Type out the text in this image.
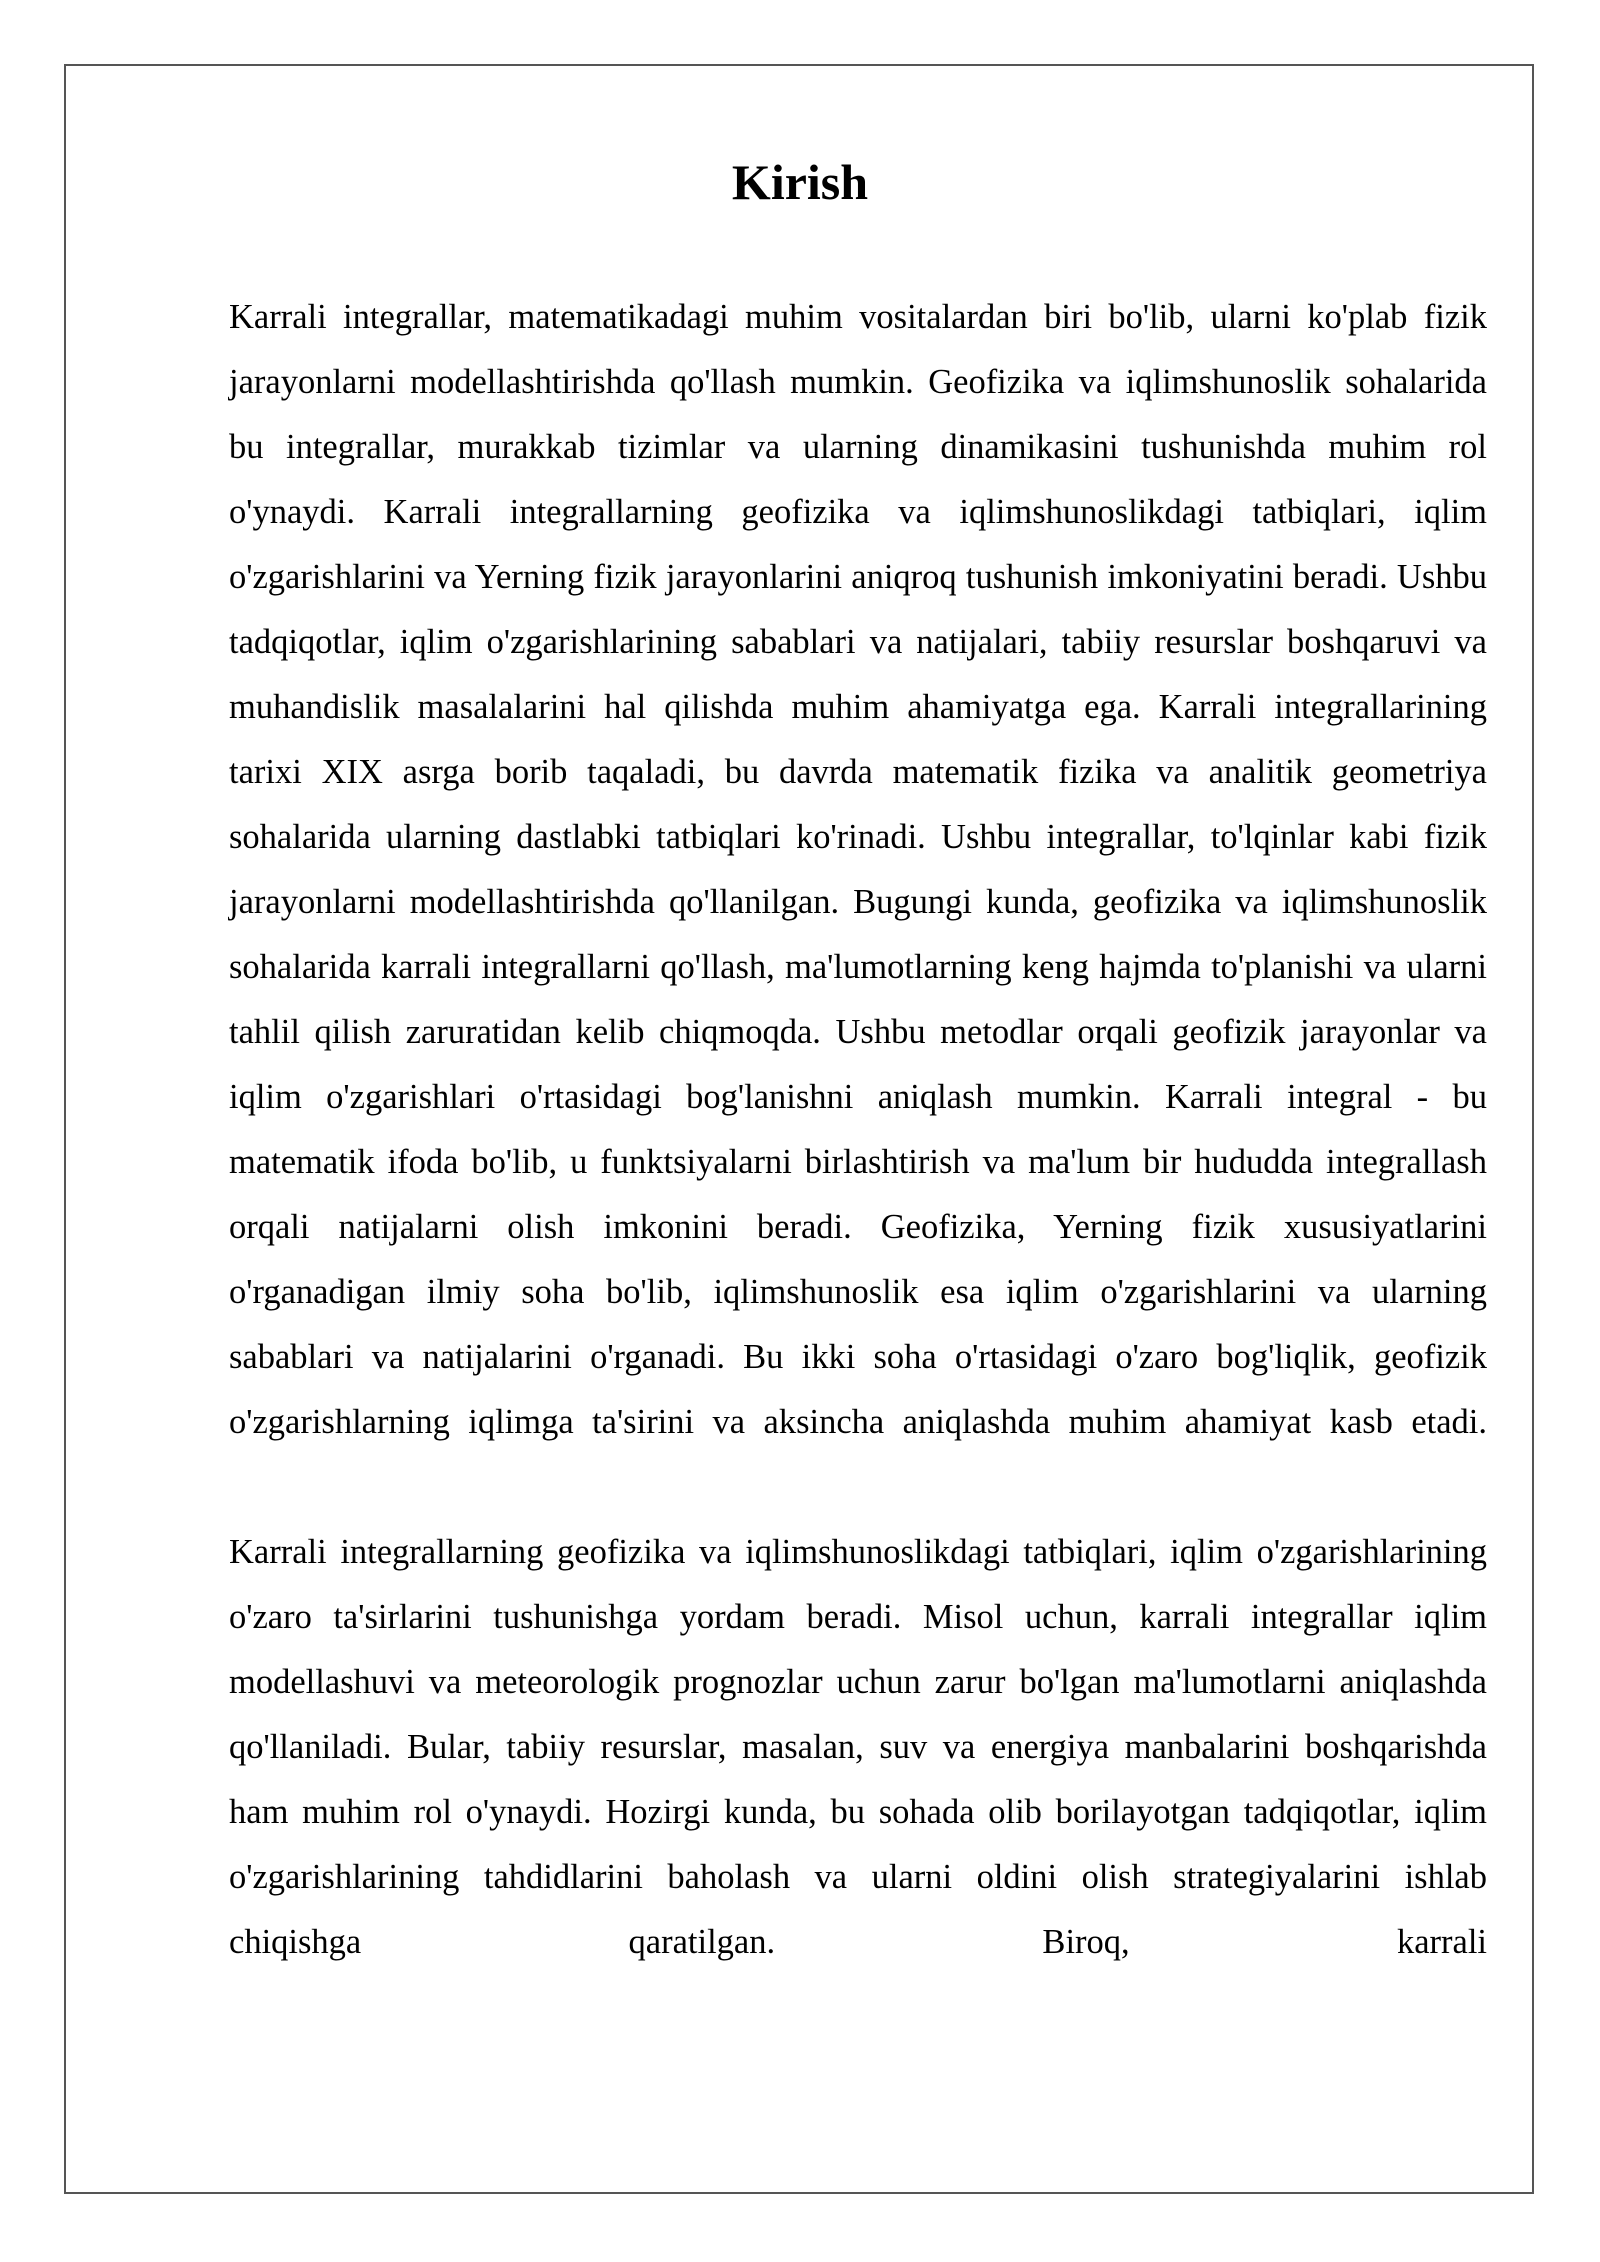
Kirish

Karrali integrallar, matematikadagi muhim vositalardan biri bo'lib, ularni ko'plab fizik jarayonlarni modellashtirishda qo'llash mumkin. Geofizika va iqlimshunoslik sohalarida bu integrallar, murakkab tizimlar va ularning dinamikasini tushunishda muhim rol o'ynaydi. Karrali integrallarning geofizika va iqlimshunoslikdagi tatbiqlari, iqlim o'zgarishlarini va Yerning fizik jarayonlarini aniqroq tushunish imkoniyatini beradi. Ushbu tadqiqotlar, iqlim o'zgarishlarining sabablari va natijalari, tabiiy resurslar boshqaruvi va muhandislik masalalarini hal qilishda muhim ahamiyatga ega. Karrali integrallarining tarixi XIX asrga borib taqaladi, bu davrda matematik fizika va analitik geometriya sohalarida ularning dastlabki tatbiqlari ko'rinadi. Ushbu integrallar, to'lqinlar kabi fizik jarayonlarni modellashtirishda qo'llanilgan. Bugungi kunda, geofizika va iqlimshunoslik sohalarida karrali integrallarni qo'llash, ma'lumotlarning keng hajmda to'planishi va ularni tahlil qilish zaruratidan kelib chiqmoqda. Ushbu metodlar orqali geofizik jarayonlar va iqlim o'zgarishlari o'rtasidagi bog'lanishni aniqlash mumkin. Karrali integral - bu matematik ifoda bo'lib, u funktsiyalarni birlashtirish va ma'lum bir hududda integrallash orqali natijalarni olish imkonini beradi. Geofizika, Yerning fizik xususiyatlarini o'rganadigan ilmiy soha bo'lib, iqlimshunoslik esa iqlim o'zgarishlarini va ularning sabablari va natijalarini o'rganadi. Bu ikki soha o'rtasidagi o'zaro bog'liqlik, geofizik o'zgarishlarning iqlimga ta'sirini va aksincha aniqlashda muhim ahamiyat kasb etadi.

Karrali integrallarning geofizika va iqlimshunoslikdagi tatbiqlari, iqlim o'zgarishlarining o'zaro ta'sirlarini tushunishga yordam beradi. Misol uchun, karrali integrallar iqlim modellashuvi va meteorologik prognozlar uchun zarur bo'lgan ma'lumotlarni aniqlashda qo'llaniladi. Bular, tabiiy resurslar, masalan, suv va energiya manbalarini boshqarishda ham muhim rol o'ynaydi. Hozirgi kunda, bu sohada olib borilayotgan tadqiqotlar, iqlim o'zgarishlarining tahdidlarini baholash va ularni oldini olish strategiyalarini ishlab chiqishga qaratilgan. Biroq, karrali
